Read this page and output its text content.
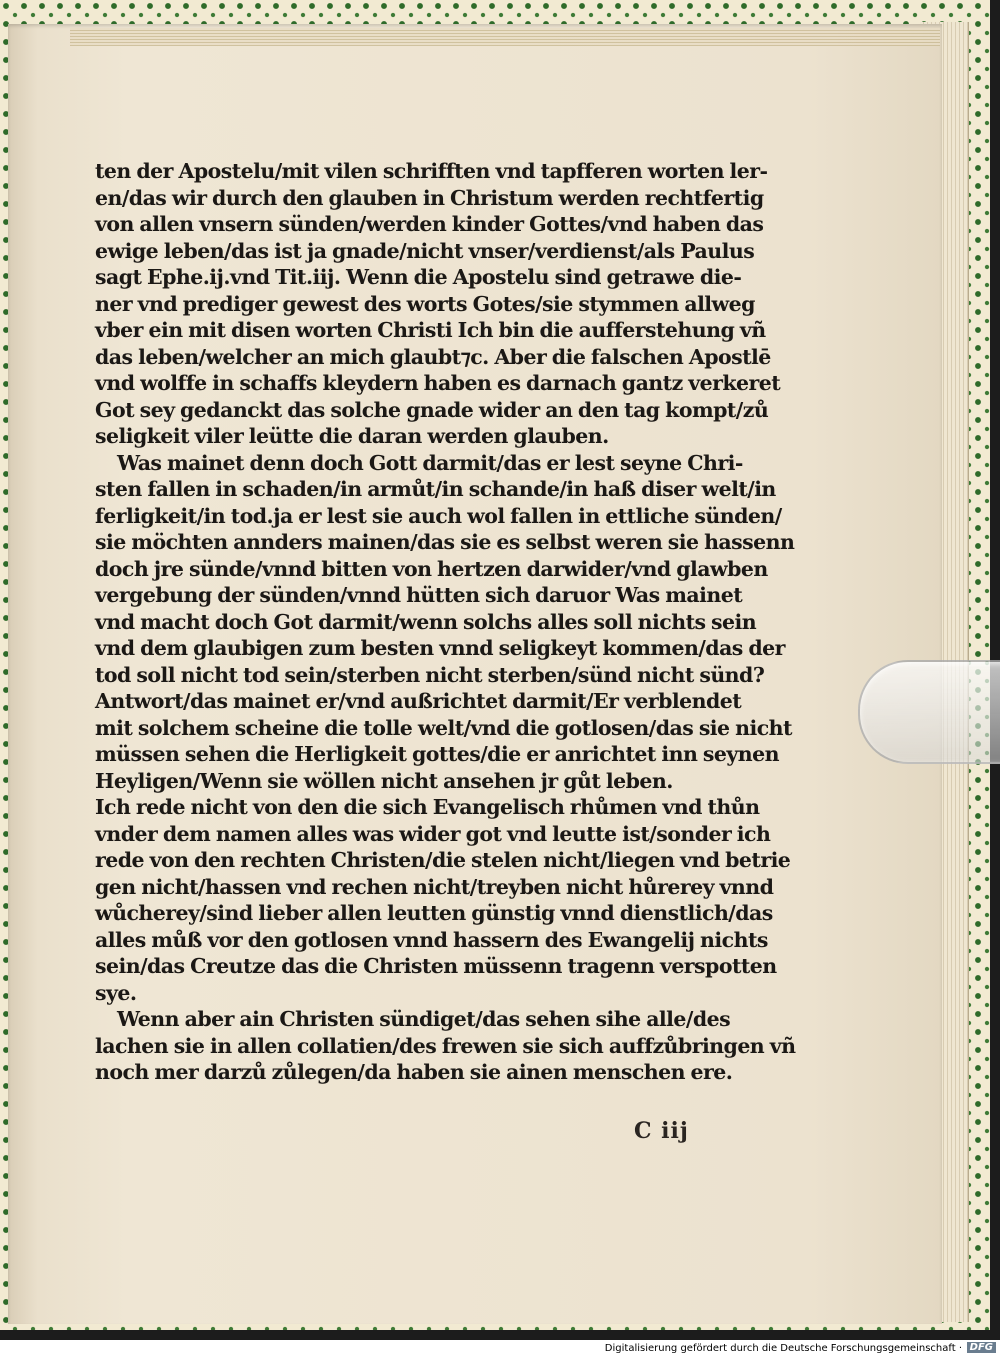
ten der Apostelu/mit vilen schrifften vnd tapfferen worten ler-
en/das wir durch den glauben in Christum werden rechtfertig
von allen vnsern sünden/werden kinder Gottes/vnd haben das
ewige leben/das ist ja gnade/nicht vnser/verdienst/als Paulus
sagt Ephe.ij.vnd Tit.iij. Wenn die Apostelu sind getrawe die-
ner vnd prediger gewest des worts Gotes/sie stymmen allweg
vber ein mit disen worten Christi Ich bin die aufferstehung vñ
das leben/welcher an mich glaubt⁊c. Aber die falschen Apostlē
vnd wolffe in schaffs kleydern haben es darnach gantz verkeret
Got sey gedanckt das solche gnade wider an den tag kompt/zů
seligkeit viler leütte die daran werden glauben.
Was mainet denn doch Gott darmit/das er lest seyne Chri-
sten fallen in schaden/in armůt/in schande/in haß diser welt/in
ferligkeit/in tod.ja er lest sie auch wol fallen in ettliche sünden/
sie möchten annders mainen/das sie es selbst weren sie hassenn
doch jre sünde/vnnd bitten von hertzen darwider/vnd glawben
vergebung der sünden/vnnd hütten sich daruor Was mainet
vnd macht doch Got darmit/wenn solchs alles soll nichts sein
vnd dem glaubigen zum besten vnnd seligkeyt kommen/das der
tod soll nicht tod sein/sterben nicht sterben/sünd nicht sünd?
Antwort/das mainet er/vnd außrichtet darmit/Er verblendet
mit solchem scheine die tolle welt/vnd die gotlosen/das sie nicht
müssen sehen die Herligkeit gottes/die er anrichtet inn seynen
Heyligen/Wenn sie wöllen nicht ansehen jr gůt leben.
Ich rede nicht von den die sich Evangelisch rhůmen vnd thůn
vnder dem namen alles was wider got vnd leutte ist/sonder ich
rede von den rechten Christen/die stelen nicht/liegen vnd betrie
gen nicht/hassen vnd rechen nicht/treyben nicht hůrerey vnnd
wůcherey/sind lieber allen leutten günstig vnnd dienstlich/das
alles můß vor den gotlosen vnnd hassern des Ewangelij nichts
sein/das Creutze das die Christen müssenn tragenn verspotten
sye.
Wenn aber ain Christen sündiget/das sehen sihe alle/des
lachen sie in allen collatien/des frewen sie sich auffzůbringen vñ
noch mer darzů zůlegen/da haben sie ainen menschen ere.
C iij
Digitalisierung gefördert durch die Deutsche Forschungsgemeinschaft · DFG
